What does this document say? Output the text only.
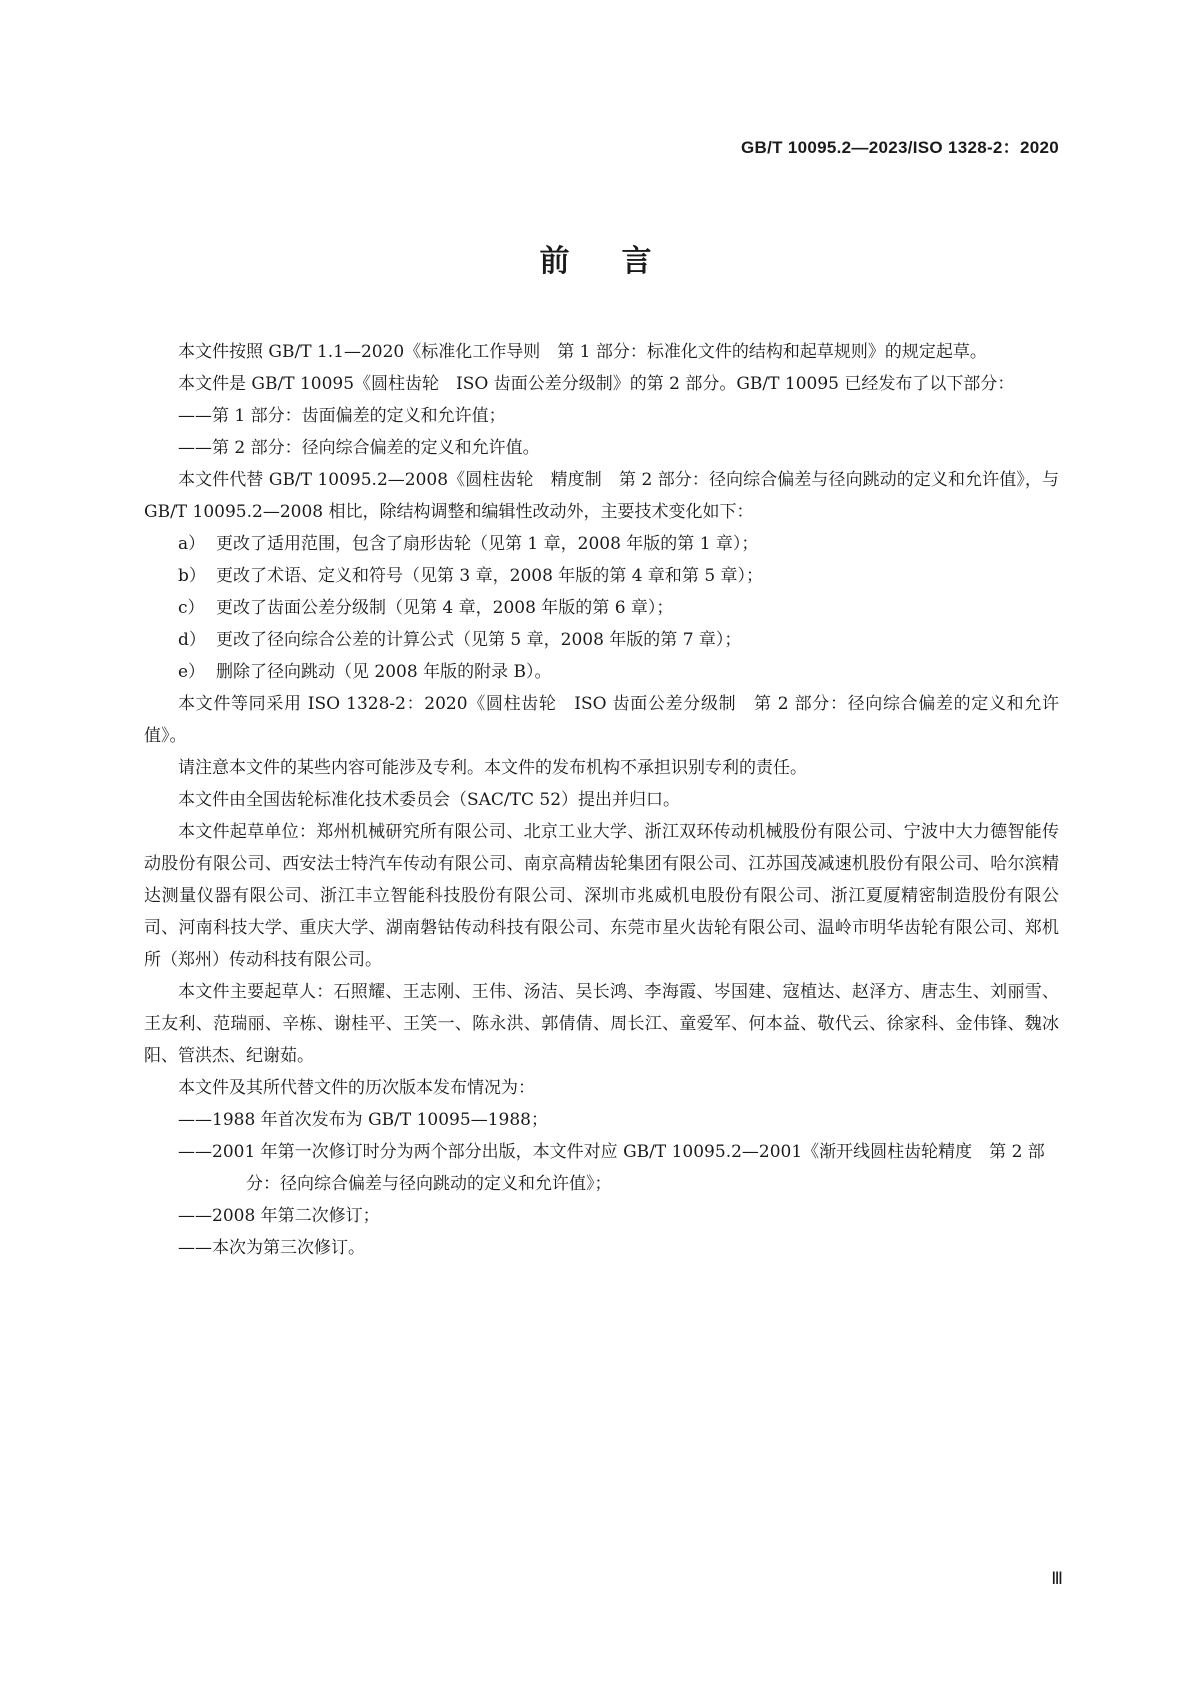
GB/T 10095.2—2023/ISO 1328-2：2020
前言

本文件按照 GB/T 1.1—2020《标准化工作导则　第 1 部分：标准化文件的结构和起草规则》的规定起草。

本文件是 GB/T 10095《圆柱齿轮　ISO 齿面公差分级制》的第 2 部分。GB/T 10095 已经发布了以下部分：

——第 1 部分：齿面偏差的定义和允许值；

——第 2 部分：径向综合偏差的定义和允许值。

本文件代替 GB/T 10095.2—2008《圆柱齿轮　精度制　第 2 部分：径向综合偏差与径向跳动的定义和允许值》，与 GB/T 10095.2—2008 相比，除结构调整和编辑性改动外，主要技术变化如下：

a） 更改了适用范围，包含了扇形齿轮（见第 1 章，2008 年版的第 1 章）；

b） 更改了术语、定义和符号（见第 3 章，2008 年版的第 4 章和第 5 章）；

c） 更改了齿面公差分级制（见第 4 章，2008 年版的第 6 章）；

d） 更改了径向综合公差的计算公式（见第 5 章，2008 年版的第 7 章）；

e） 删除了径向跳动（见 2008 年版的附录 B）。

本文件等同采用 ISO 1328-2：2020《圆柱齿轮　ISO 齿面公差分级制　第 2 部分：径向综合偏差的定义和允许值》。

请注意本文件的某些内容可能涉及专利。本文件的发布机构不承担识别专利的责任。

本文件由全国齿轮标准化技术委员会（SAC/TC 52）提出并归口。

本文件起草单位：郑州机械研究所有限公司、北京工业大学、浙江双环传动机械股份有限公司、宁波中大力德智能传动股份有限公司、西安法士特汽车传动有限公司、南京高精齿轮集团有限公司、江苏国茂减速机股份有限公司、哈尔滨精达测量仪器有限公司、浙江丰立智能科技股份有限公司、深圳市兆威机电股份有限公司、浙江夏厦精密制造股份有限公司、河南科技大学、重庆大学、湖南磐钴传动科技有限公司、东莞市星火齿轮有限公司、温岭市明华齿轮有限公司、郑机所（郑州）传动科技有限公司。

本文件主要起草人：石照耀、王志刚、王伟、汤洁、吴长鸿、李海霞、岑国建、寇植达、赵泽方、唐志生、刘丽雪、王友利、范瑞丽、辛栋、谢桂平、王笑一、陈永洪、郭倩倩、周长江、童爱军、何本益、敬代云、徐家科、金伟锋、魏冰阳、管洪杰、纪谢茹。

本文件及其所代替文件的历次版本发布情况为：

——1988 年首次发布为 GB/T 10095—1988；

——2001 年第一次修订时分为两个部分出版，本文件对应 GB/T 10095.2—2001《渐开线圆柱齿轮精度　第 2 部分：径向综合偏差与径向跳动的定义和允许值》；

——2008 年第二次修订；

——本次为第三次修订。

Ⅲ
